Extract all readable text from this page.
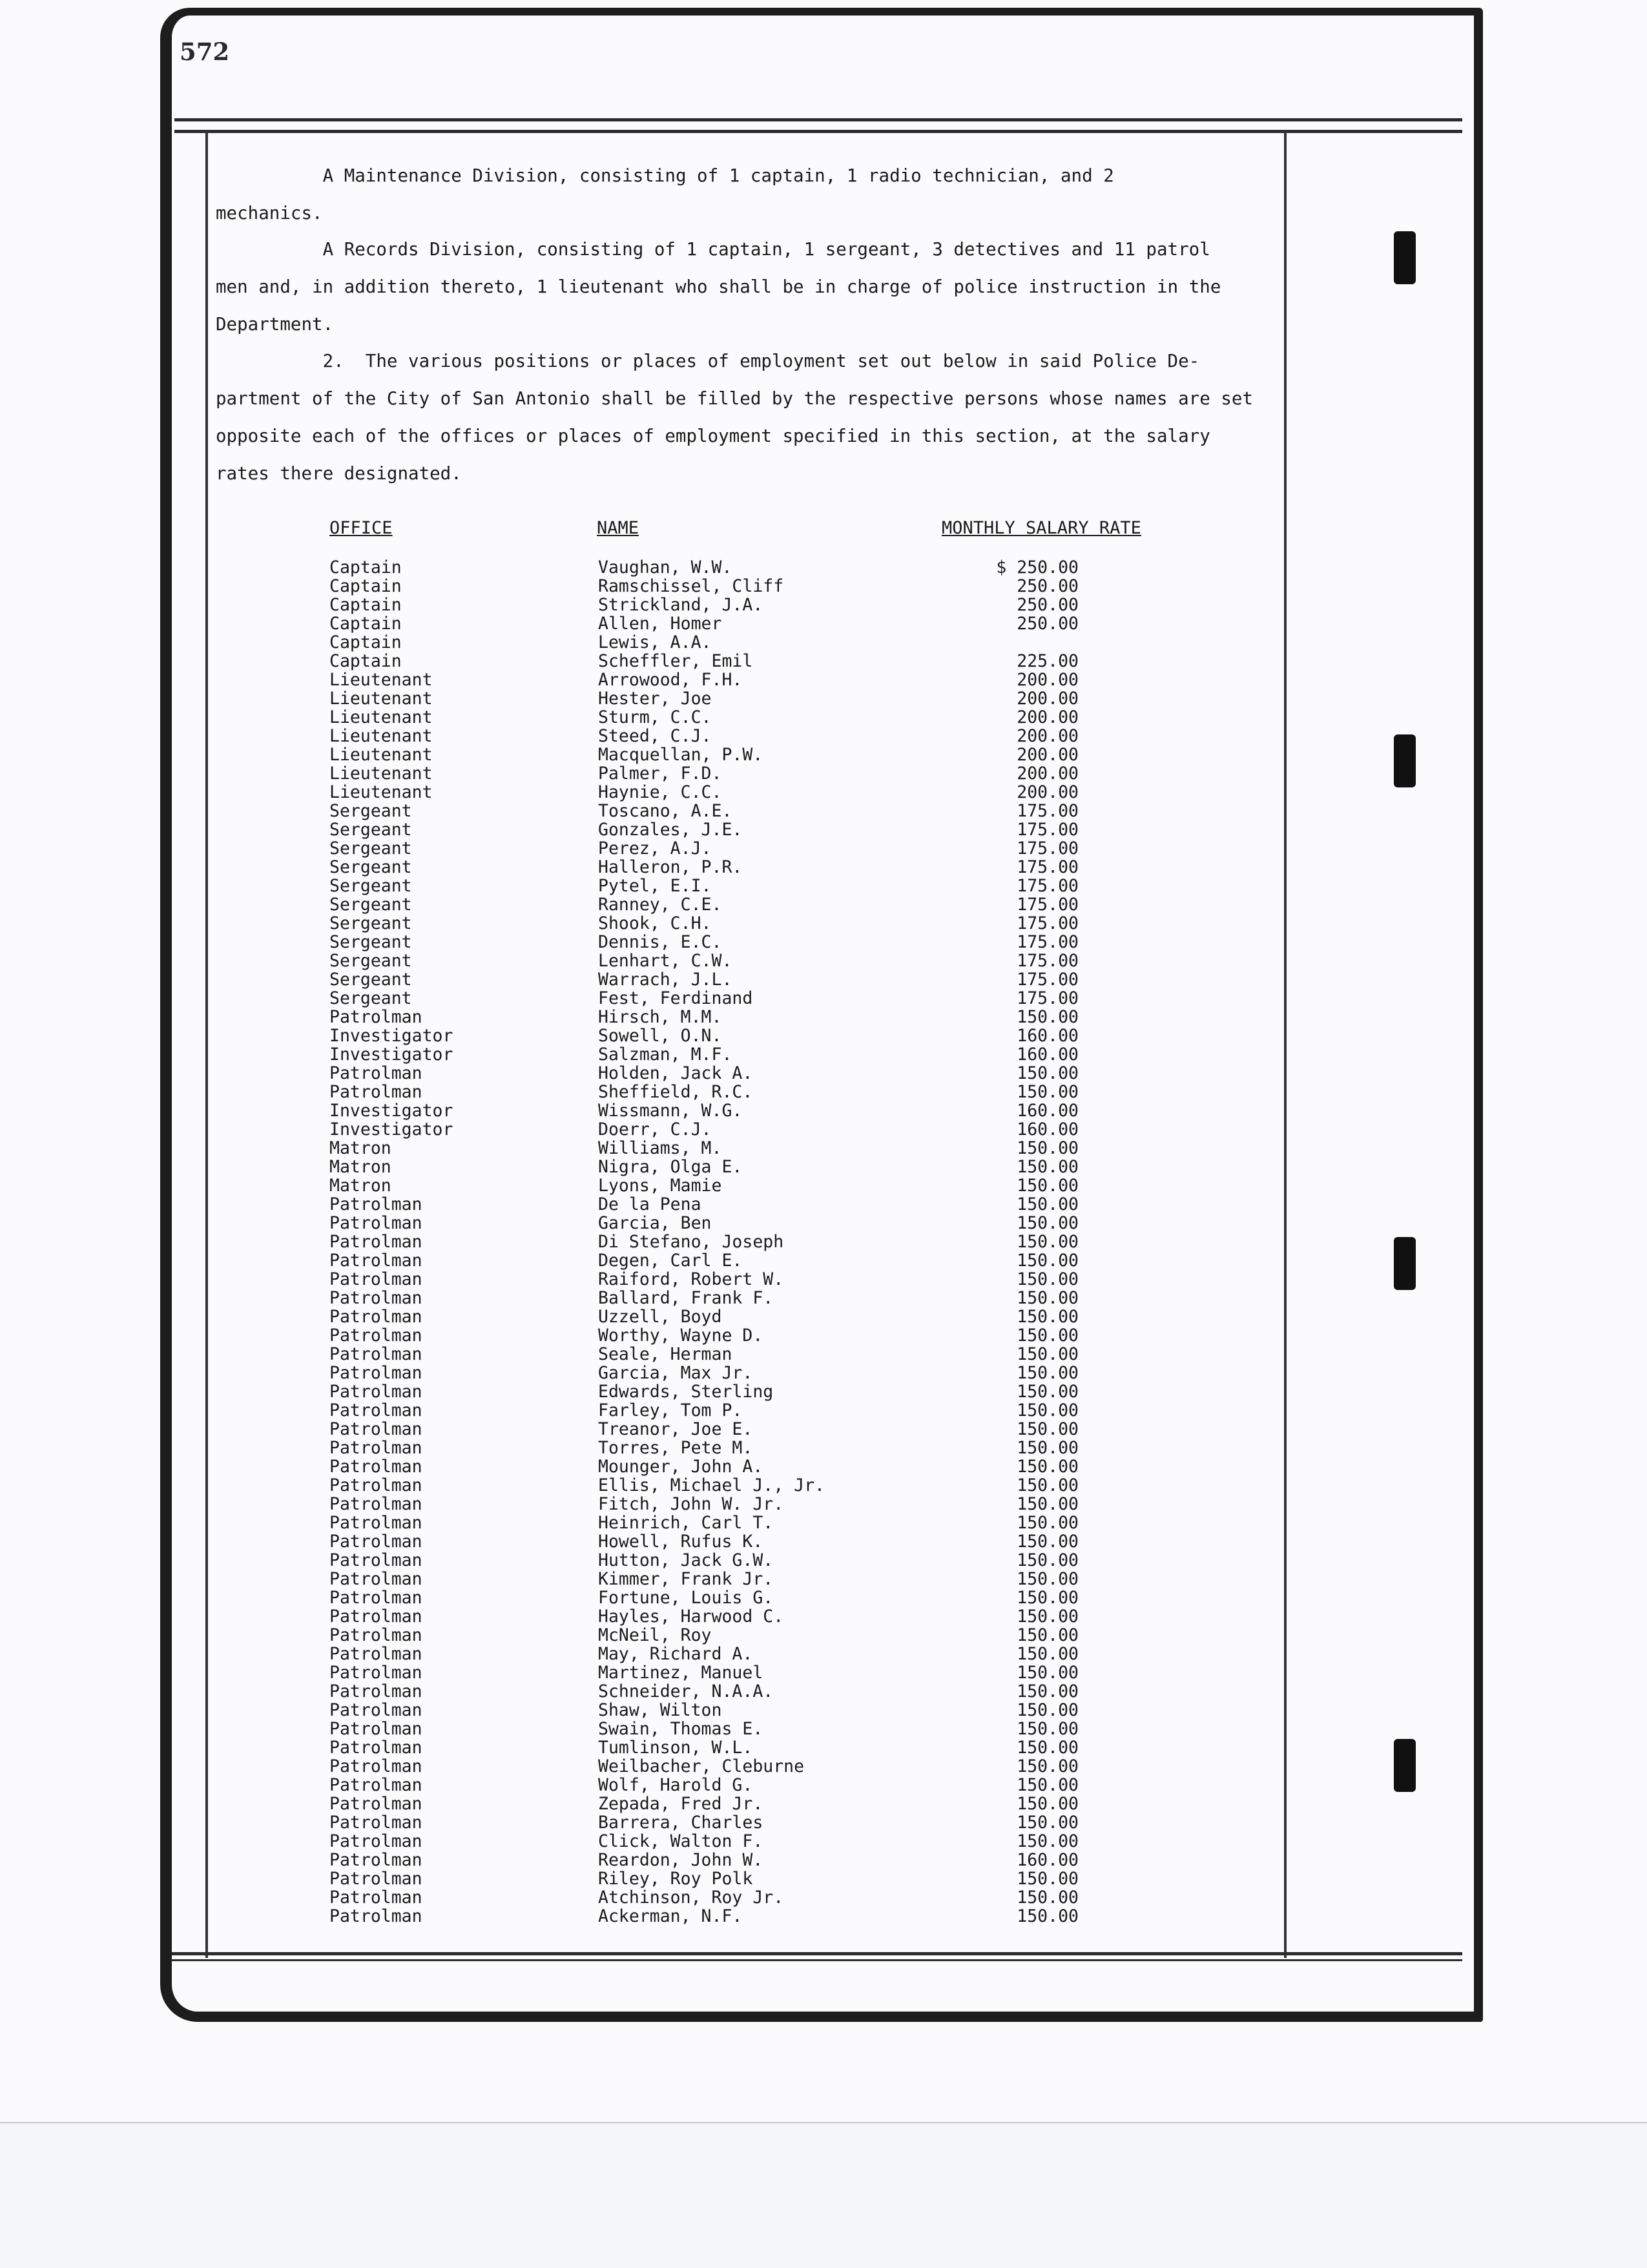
572

A Maintenance Division, consisting of 1 captain, 1 radio technician, and 2
mechanics.

A Records Division, consisting of 1 captain, 1 sergeant, 3 detectives and 11 patrol
men and, in addition thereto, 1 lieutenant who shall be in charge of police instruction in the
Department.

2.  The various positions or places of employment set out below in said Police De-
partment of the City of San Antonio shall be filled by the respective persons whose names are set
opposite each of the offices or places of employment specified in this section, at the salary
rates there designated.

OFFICE	NAME	MONTHLY SALARY RATE
Captain	Vaughan, W.W.	$ 250.00
Captain	Ramschissel, Cliff	250.00
Captain	Strickland, J.A.	250.00
Captain	Allen, Homer	250.00
Captain	Lewis, A.A.
Captain	Scheffler, Emil	225.00
Lieutenant	Arrowood, F.H.	200.00
Lieutenant	Hester, Joe	200.00
Lieutenant	Sturm, C.C.	200.00
Lieutenant	Steed, C.J.	200.00
Lieutenant	Macquellan, P.W.	200.00
Lieutenant	Palmer, F.D.	200.00
Lieutenant	Haynie, C.C.	200.00
Sergeant	Toscano, A.E.	175.00
Sergeant	Gonzales, J.E.	175.00
Sergeant	Perez, A.J.	175.00
Sergeant	Halleron, P.R.	175.00
Sergeant	Pytel, E.I.	175.00
Sergeant	Ranney, C.E.	175.00
Sergeant	Shook, C.H.	175.00
Sergeant	Dennis, E.C.	175.00
Sergeant	Lenhart, C.W.	175.00
Sergeant	Warrach, J.L.	175.00
Sergeant	Fest, Ferdinand	175.00
Patrolman	Hirsch, M.M.	150.00
Investigator	Sowell, O.N.	160.00
Investigator	Salzman, M.F.	160.00
Patrolman	Holden, Jack A.	150.00
Patrolman	Sheffield, R.C.	150.00
Investigator	Wissmann, W.G.	160.00
Investigator	Doerr, C.J.	160.00
Matron	Williams, M.	150.00
Matron	Nigra, Olga E.	150.00
Matron	Lyons, Mamie	150.00
Patrolman	De la Pena	150.00
Patrolman	Garcia, Ben	150.00
Patrolman	Di Stefano, Joseph	150.00
Patrolman	Degen, Carl E.	150.00
Patrolman	Raiford, Robert W.	150.00
Patrolman	Ballard, Frank F.	150.00
Patrolman	Uzzell, Boyd	150.00
Patrolman	Worthy, Wayne D.	150.00
Patrolman	Seale, Herman	150.00
Patrolman	Garcia, Max Jr.	150.00
Patrolman	Edwards, Sterling	150.00
Patrolman	Farley, Tom P.	150.00
Patrolman	Treanor, Joe E.	150.00
Patrolman	Torres, Pete M.	150.00
Patrolman	Mounger, John A.	150.00
Patrolman	Ellis, Michael J., Jr.	150.00
Patrolman	Fitch, John W. Jr.	150.00
Patrolman	Heinrich, Carl T.	150.00
Patrolman	Howell, Rufus K.	150.00
Patrolman	Hutton, Jack G.W.	150.00
Patrolman	Kimmer, Frank Jr.	150.00
Patrolman	Fortune, Louis G.	150.00
Patrolman	Hayles, Harwood C.	150.00
Patrolman	McNeil, Roy	150.00
Patrolman	May, Richard A.	150.00
Patrolman	Martinez, Manuel	150.00
Patrolman	Schneider, N.A.A.	150.00
Patrolman	Shaw, Wilton	150.00
Patrolman	Swain, Thomas E.	150.00
Patrolman	Tumlinson, W.L.	150.00
Patrolman	Weilbacher, Cleburne	150.00
Patrolman	Wolf, Harold G.	150.00
Patrolman	Zepada, Fred Jr.	150.00
Patrolman	Barrera, Charles	150.00
Patrolman	Click, Walton F.	150.00
Patrolman	Reardon, John W.	160.00
Patrolman	Riley, Roy Polk	150.00
Patrolman	Atchinson, Roy Jr.	150.00
Patrolman	Ackerman, N.F.	150.00
